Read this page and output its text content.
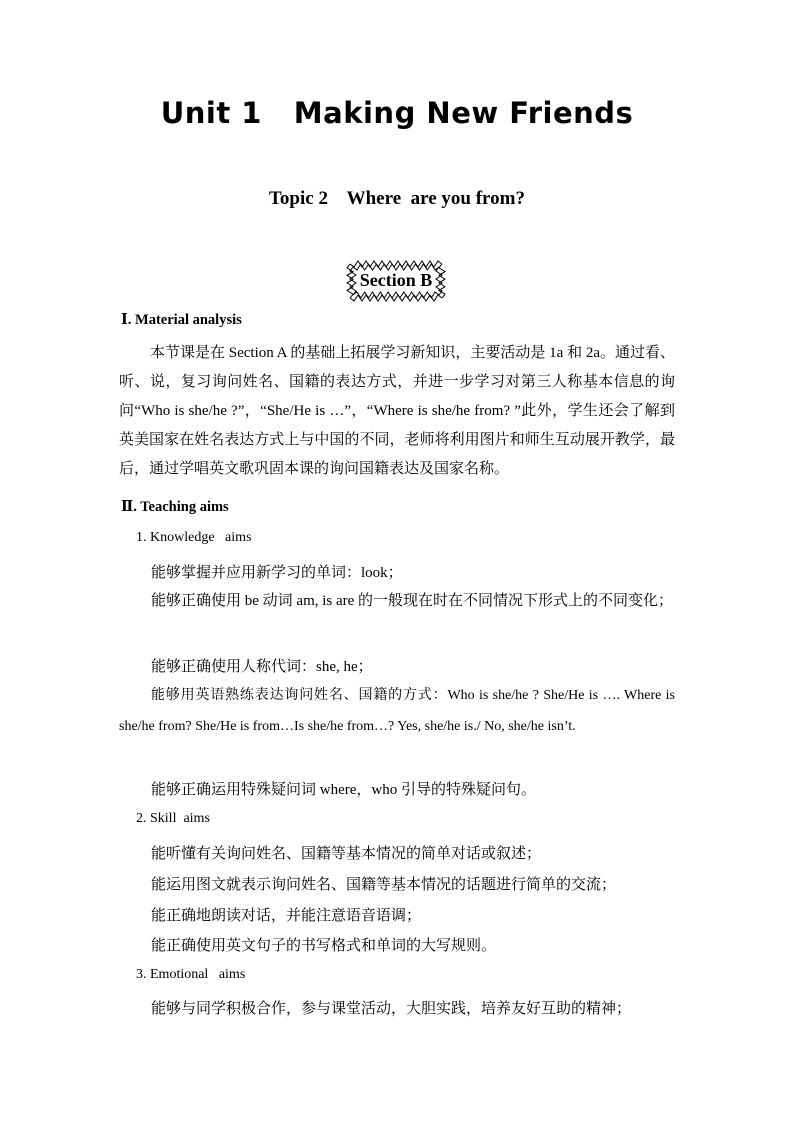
Unit 1   Making New Friends
Topic 2    Where  are you from?
Section B
Ⅰ. Material analysis
本节课是在 Section A 的基础上拓展学习新知识，主要活动是 1a 和 2a。通过看、听、说，复习询问姓名、国籍的表达方式，并进一步学习对第三人称基本信息的询问“Who is she/he ?”，“She/He is …”，“Where is she/he from? ”此外，学生还会了解到英美国家在姓名表达方式上与中国的不同，老师将利用图片和师生互动展开教学，最后，通过学唱英文歌巩固本课的询问国籍表达及国家名称。
Ⅱ. Teaching aims
1. Knowledge   aims
能够掌握并应用新学习的单词：look；
能够正确使用 be 动词 am, is are 的一般现在时在不同情况下形式上的不同变化；
能够正确使用人称代词：she, he；
能够用英语熟练表达询问姓名、国籍的方式：Who is she/he ? She/He is …. Where is she/he from? She/He is from…Is she/he from…? Yes, she/he is./ No, she/he isn’t.
能够正确运用特殊疑问词 where，who 引导的特殊疑问句。
2. Skill  aims
能听懂有关询问姓名、国籍等基本情况的简单对话或叙述；
能运用图文就表示询问姓名、国籍等基本情况的话题进行简单的交流；
能正确地朗读对话，并能注意语音语调；
能正确使用英文句子的书写格式和单词的大写规则。
3. Emotional   aims
能够与同学积极合作，参与课堂活动，大胆实践，培养友好互助的精神；
